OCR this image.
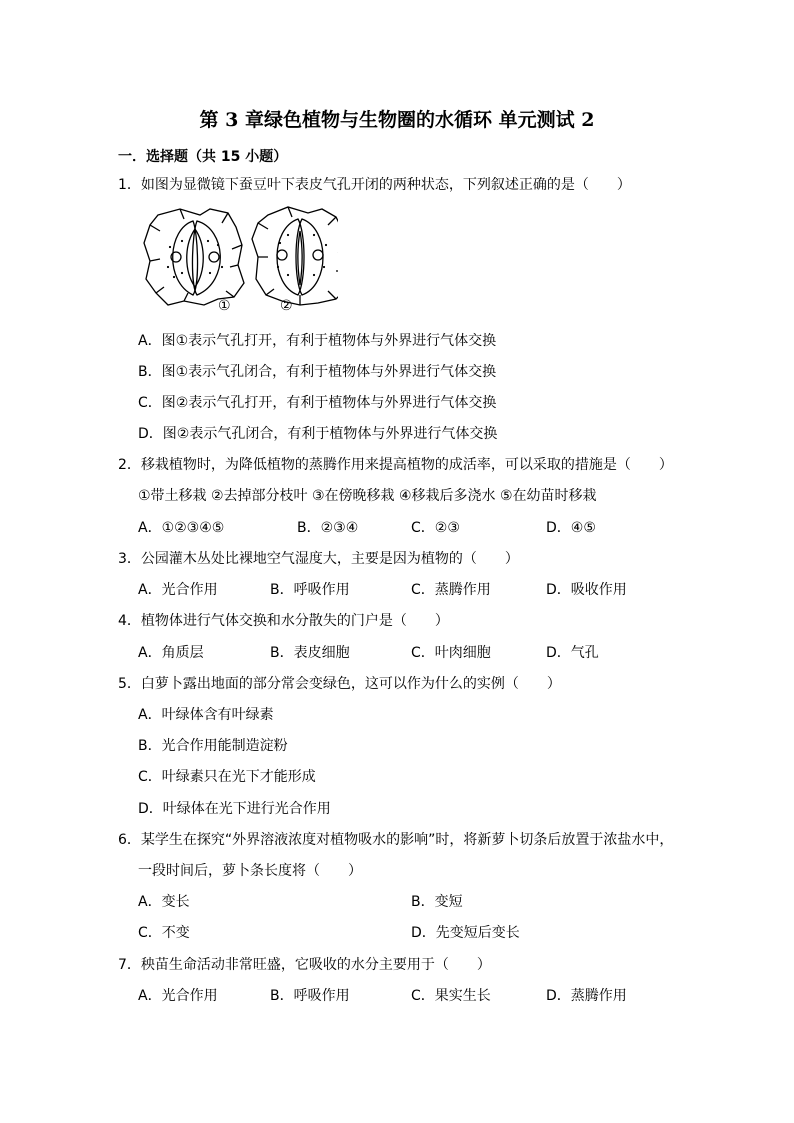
第 3 章绿色植物与生物圈的水循环 单元测试 2
一．选择题（共 15 小题）
1．如图为显微镜下蚕豆叶下表皮气孔开闭的两种状态，下列叙述正确的是（　　）
①	②
A．图①表示气孔打开，有利于植物体与外界进行气体交换
B．图①表示气孔闭合，有利于植物体与外界进行气体交换
C．图②表示气孔打开，有利于植物体与外界进行气体交换
D．图②表示气孔闭合，有利于植物体与外界进行气体交换
2．移栽植物时，为降低植物的蒸腾作用来提高植物的成活率，可以采取的措施是（　　）
①带土移栽 ②去掉部分枝叶 ③在傍晚移栽 ④移栽后多浇水 ⑤在幼苗时移栽
A．①②③④⑤	B．②③④	C．②③	D．④⑤
3．公园灌木丛处比裸地空气湿度大，主要是因为植物的（　　）
A．光合作用	B．呼吸作用	C．蒸腾作用	D．吸收作用
4．植物体进行气体交换和水分散失的门户是（　　）
A．角质层	B．表皮细胞	C．叶肉细胞	D．气孔
5．白萝卜露出地面的部分常会变绿色，这可以作为什么的实例（　　）
A．叶绿体含有叶绿素
B．光合作用能制造淀粉
C．叶绿素只在光下才能形成
D．叶绿体在光下进行光合作用
6．某学生在探究“外界溶液浓度对植物吸水的影响”时，将新萝卜切条后放置于浓盐水中，
一段时间后，萝卜条长度将（　　）
A．变长	B．变短
C．不变	D．先变短后变长
7．秧苗生命活动非常旺盛，它吸收的水分主要用于（　　）
A．光合作用	B．呼吸作用	C．果实生长	D．蒸腾作用
